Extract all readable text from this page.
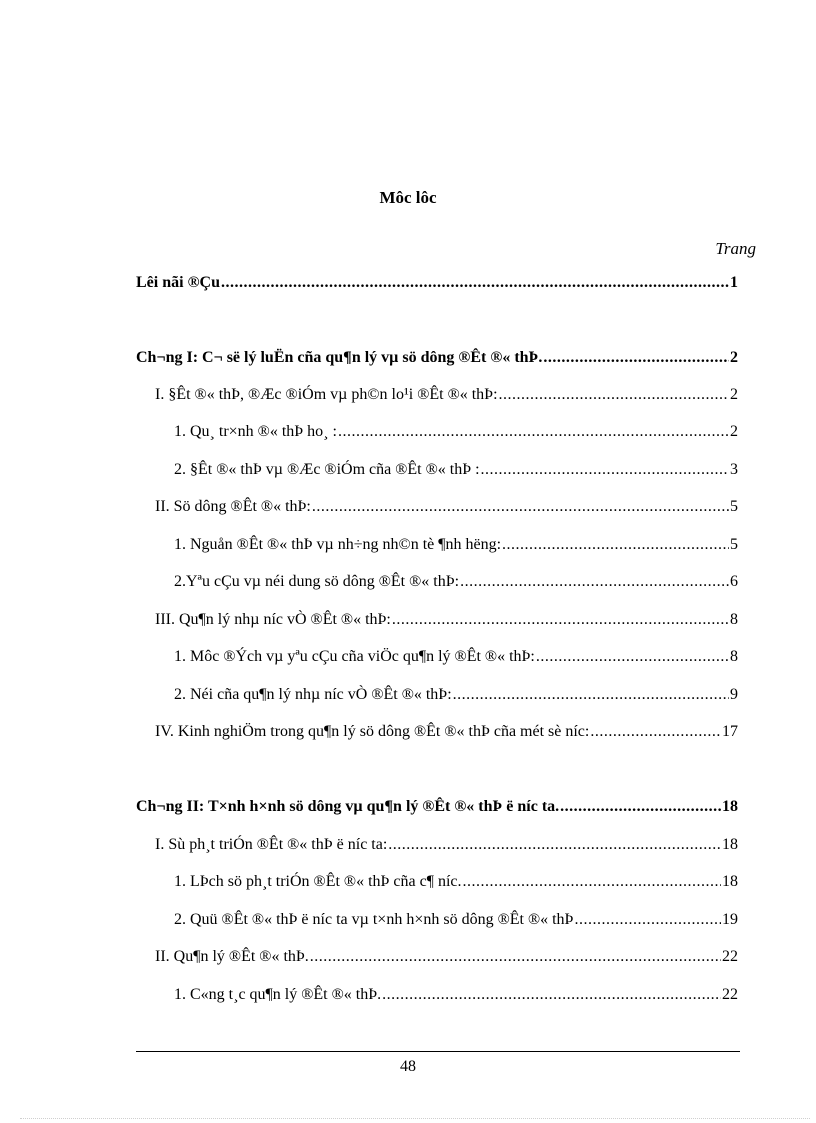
Môc lôc
Trang
Lêi nãi ®Çu .....	1
Ch¬ng I: C¬ së lý luËn cña qu¶n lý vµ sö dông ®Êt ®« thÞ. .....	2
I. §Êt ®« thÞ, ®Æc ®iÓm vµ ph©n lo¹i ®Êt ®« thÞ: .....	2
1. Qu¸ tr×nh ®« thÞ ho¸ : .....	2
2. §Êt ®« thÞ vµ ®Æc ®iÓm cña ®Êt ®« thÞ : .....	3
II. Sö dông ®Êt ®« thÞ: .....	5
1. Nguån ®Êt ®« thÞ vµ nh÷ng nh©n tè ¶nh hëng: .....	5
2.Yªu cÇu vµ néi dung sö dông ®Êt ®« thÞ: .....	6
III. Qu¶n lý nhµ níc vÒ ®Êt ®« thÞ: .....	8
1. Môc ®Ých vµ yªu cÇu cña viÖc qu¶n lý ®Êt ®« thÞ: .....	8
2. Néi cña qu¶n lý nhµ níc vÒ ®Êt ®« thÞ: .....	9
IV. Kinh nghiÖm trong qu¶n lý sö dông ®Êt ®« thÞ cña mét sè níc: .....	17
Ch¬ng II: T×nh h×nh sö dông vµ qu¶n lý ®Êt ®« thÞ ë níc ta. .....	18
I. Sù ph¸t triÓn ®Êt ®« thÞ ë níc ta: .....	18
1. LÞch sö ph¸t triÓn ®Êt ®« thÞ cña c¶ níc. .....	18
2. Quü ®Êt ®« thÞ ë níc ta vµ t×nh h×nh sö dông ®Êt ®« thÞ .....	19
II. Qu¶n lý ®Êt ®« thÞ. .....	22
1. C«ng t¸c qu¶n lý ®Êt ®« thÞ. .....	22
48
